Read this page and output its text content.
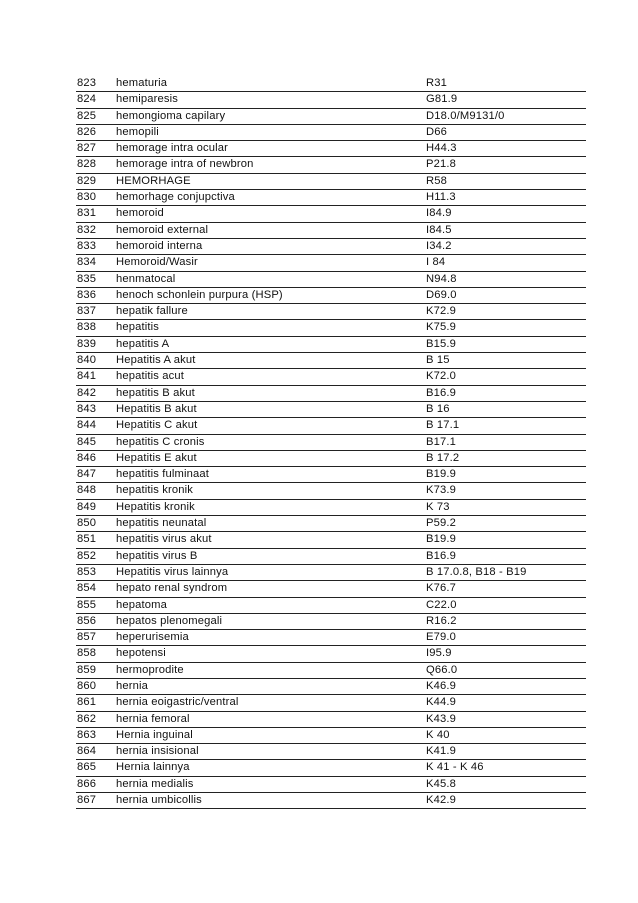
823	hematuria	R31
824	hemiparesis	G81.9
825	hemongioma capilary	D18.0/M9131/0
826	hemopili	D66
827	hemorage intra ocular	H44.3
828	hemorage intra of newbron	P21.8
829	HEMORHAGE	R58
830	hemorhage conjupctiva	H11.3
831	hemoroid	I84.9
832	hemoroid external	I84.5
833	hemoroid interna	I34.2
834	Hemoroid/Wasir	I 84
835	henmatocal	N94.8
836	henoch schonlein purpura (HSP)	D69.0
837	hepatik fallure	K72.9
838	hepatitis	K75.9
839	hepatitis A	B15.9
840	Hepatitis A akut	B 15
841	hepatitis acut	K72.0
842	hepatitis B akut	B16.9
843	Hepatitis B akut	B 16
844	Hepatitis C akut	B 17.1
845	hepatitis C cronis	B17.1
846	Hepatitis E akut	B 17.2
847	hepatitis fulminaat	B19.9
848	hepatitis kronik	K73.9
849	Hepatitis kronik	K 73
850	hepatitis neunatal	P59.2
851	hepatitis virus akut	B19.9
852	hepatitis virus B	B16.9
853	Hepatitis virus lainnya	B 17.0.8, B18 - B19
854	hepato renal syndrom	K76.7
855	hepatoma	C22.0
856	hepatos plenomegali	R16.2
857	heperurisemia	E79.0
858	hepotensi	I95.9
859	hermoprodite	Q66.0
860	hernia	K46.9
861	hernia eoigastric/ventral	K44.9
862	hernia femoral	K43.9
863	Hernia inguinal	K 40
864	hernia insisional	K41.9
865	Hernia lainnya	K 41 - K 46
866	hernia medialis	K45.8
867	hernia umbicollis	K42.9
